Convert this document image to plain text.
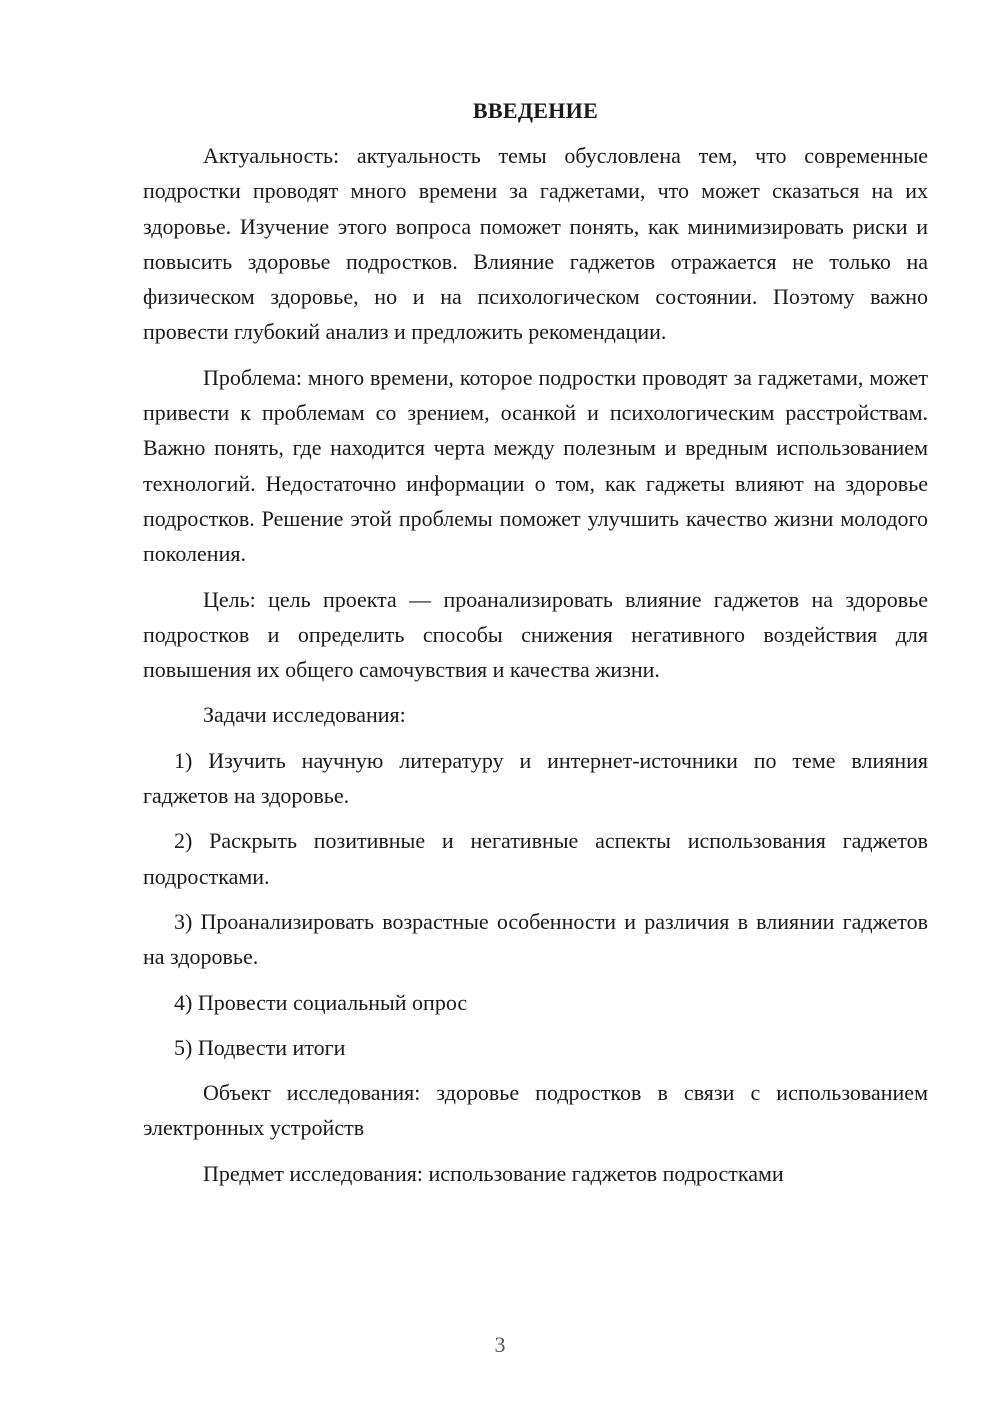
ВВЕДЕНИЕ

Актуальность: актуальность темы обусловлена тем, что современные подростки проводят много времени за гаджетами, что может сказаться на их здоровье. Изучение этого вопроса поможет понять, как минимизировать риски и повысить здоровье подростков. Влияние гаджетов отражается не только на физическом здоровье, но и на психологическом состоянии. Поэтому важно провести глубокий анализ и предложить рекомендации.

Проблема: много времени, которое подростки проводят за гаджетами, может привести к проблемам со зрением, осанкой и психологическим расстройствам. Важно понять, где находится черта между полезным и вредным использованием технологий. Недостаточно информации о том, как гаджеты влияют на здоровье подростков. Решение этой проблемы поможет улучшить качество жизни молодого поколения.

Цель: цель проекта — проанализировать влияние гаджетов на здоровье подростков и определить способы снижения негативного воздействия для повышения их общего самочувствия и качества жизни.

Задачи исследования:

1) Изучить научную литературу и интернет-источники по теме влияния гаджетов на здоровье.

2) Раскрыть позитивные и негативные аспекты использования гаджетов подростками.

3) Проанализировать возрастные особенности и различия в влиянии гаджетов на здоровье.

4) Провести социальный опрос

5) Подвести итоги

Объект исследования: здоровье подростков в связи с использованием электронных устройств

Предмет исследования: использование гаджетов подростками

3
